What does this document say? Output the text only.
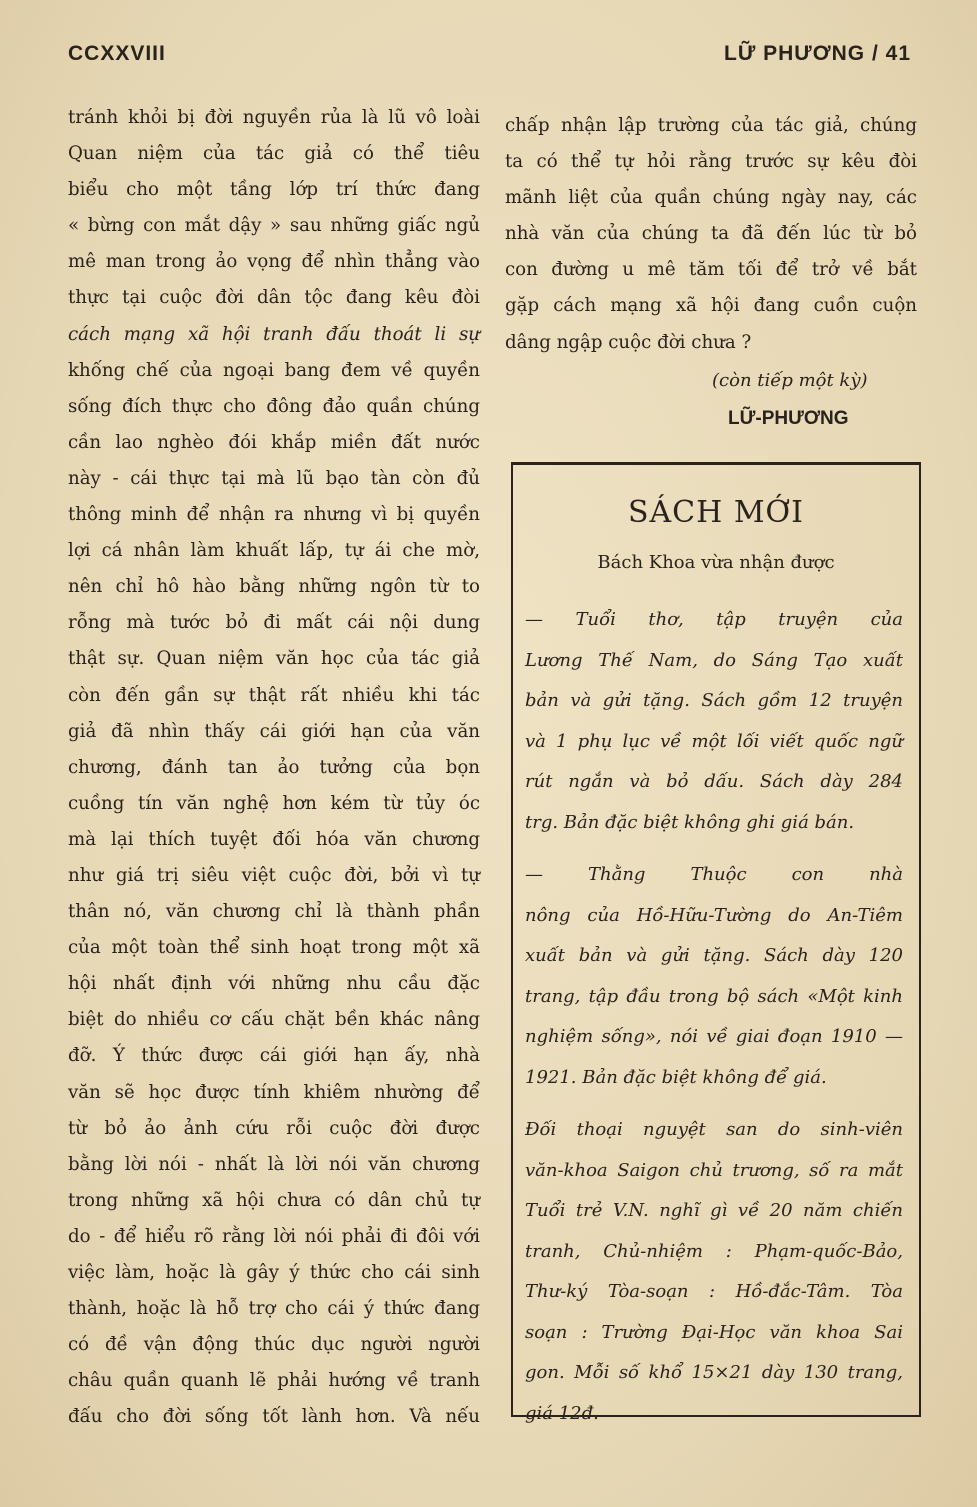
CCXXVIII	LỮ PHƯƠNG / 41
tránh khỏi bị đời nguyền rủa là lũ vô loài
Quan niệm của tác giả có thể tiêu
biểu cho một tầng lớp trí thức đang
« bừng con mắt dậy » sau những giấc ngủ
mê man trong ảo vọng để nhìn thẳng vào
thực tại cuộc đời dân tộc đang kêu đòi
cách mạng xã hội tranh đấu thoát li sự
khống chế của ngoại bang đem về quyền
sống đích thực cho đông đảo quần chúng
cần lao nghèo đói khắp miền đất nước
này - cái thực tại mà lũ bạo tàn còn đủ
thông minh để nhận ra nhưng vì bị quyền
lợi cá nhân làm khuất lấp, tự ái che mờ,
nên chỉ hô hào bằng những ngôn từ to
rỗng mà tước bỏ đi mất cái nội dung
thật sự. Quan niệm văn học của tác giả
còn đến gần sự thật rất nhiều khi tác
giả đã nhìn thấy cái giới hạn của văn
chương, đánh tan ảo tưởng của bọn
cuồng tín văn nghệ hơn kém từ tủy óc
mà lại thích tuyệt đối hóa văn chương
như giá trị siêu việt cuộc đời, bởi vì tự
thân nó, văn chương chỉ là thành phần
của một toàn thể sinh hoạt trong một xã
hội nhất định với những nhu cầu đặc
biệt do nhiều cơ cấu chặt bền khác nâng
đỡ. Ý thức được cái giới hạn ấy, nhà
văn sẽ học được tính khiêm nhường để
từ bỏ ảo ảnh cứu rỗi cuộc đời được
bằng lời nói - nhất là lời nói văn chương
trong những xã hội chưa có dân chủ tự
do - để hiểu rõ rằng lời nói phải đi đôi với
việc làm, hoặc là gây ý thức cho cái sinh
thành, hoặc là hỗ trợ cho cái ý thức đang
có đề vận động thúc dục người người
châu quần quanh lẽ phải hướng về tranh
đấu cho đời sống tốt lành hơn. Và nếu
chấp nhận lập trường của tác giả, chúng
ta có thể tự hỏi rằng trước sự kêu đòi
mãnh liệt của quần chúng ngày nay, các
nhà văn của chúng ta đã đến lúc từ bỏ
con đường u mê tăm tối để trở về bắt
gặp cách mạng xã hội đang cuồn cuộn
dâng ngập cuộc đời chưa ?
(còn tiếp một kỳ)
LỮ-PHƯƠNG
SÁCH MỚI
Bách Khoa vừa nhận được
— Tuổi thơ, tập truyện của
Lương Thế Nam, do Sáng Tạo xuất
bản và gửi tặng. Sách gồm 12 truyện
và 1 phụ lục về một lối viết quốc ngữ
rút ngắn và bỏ dấu. Sách dày 284
trg. Bản đặc biệt không ghi giá bán.
— Thằng Thuộc con nhà
nông của Hồ-Hữu-Tường do An-Tiêm
xuất bản và gửi tặng. Sách dày 120
trang, tập đầu trong bộ sách «Một kinh
nghiệm sống», nói về giai đoạn 1910 —
1921. Bản đặc biệt không để giá.
Đối thoại nguyệt san do sinh-viên
văn-khoa Saigon chủ trương, số ra mắt
Tuổi trẻ V.N. nghĩ gì về 20 năm chiến
tranh, Chủ-nhiệm : Phạm-quốc-Bảo,
Thư-ký Tòa-soạn : Hồ-đắc-Tâm. Tòa
soạn : Trường Đại-Học văn khoa Sai
gon. Mỗi số khổ 15×21 dày 130 trang,
giá 12đ.
